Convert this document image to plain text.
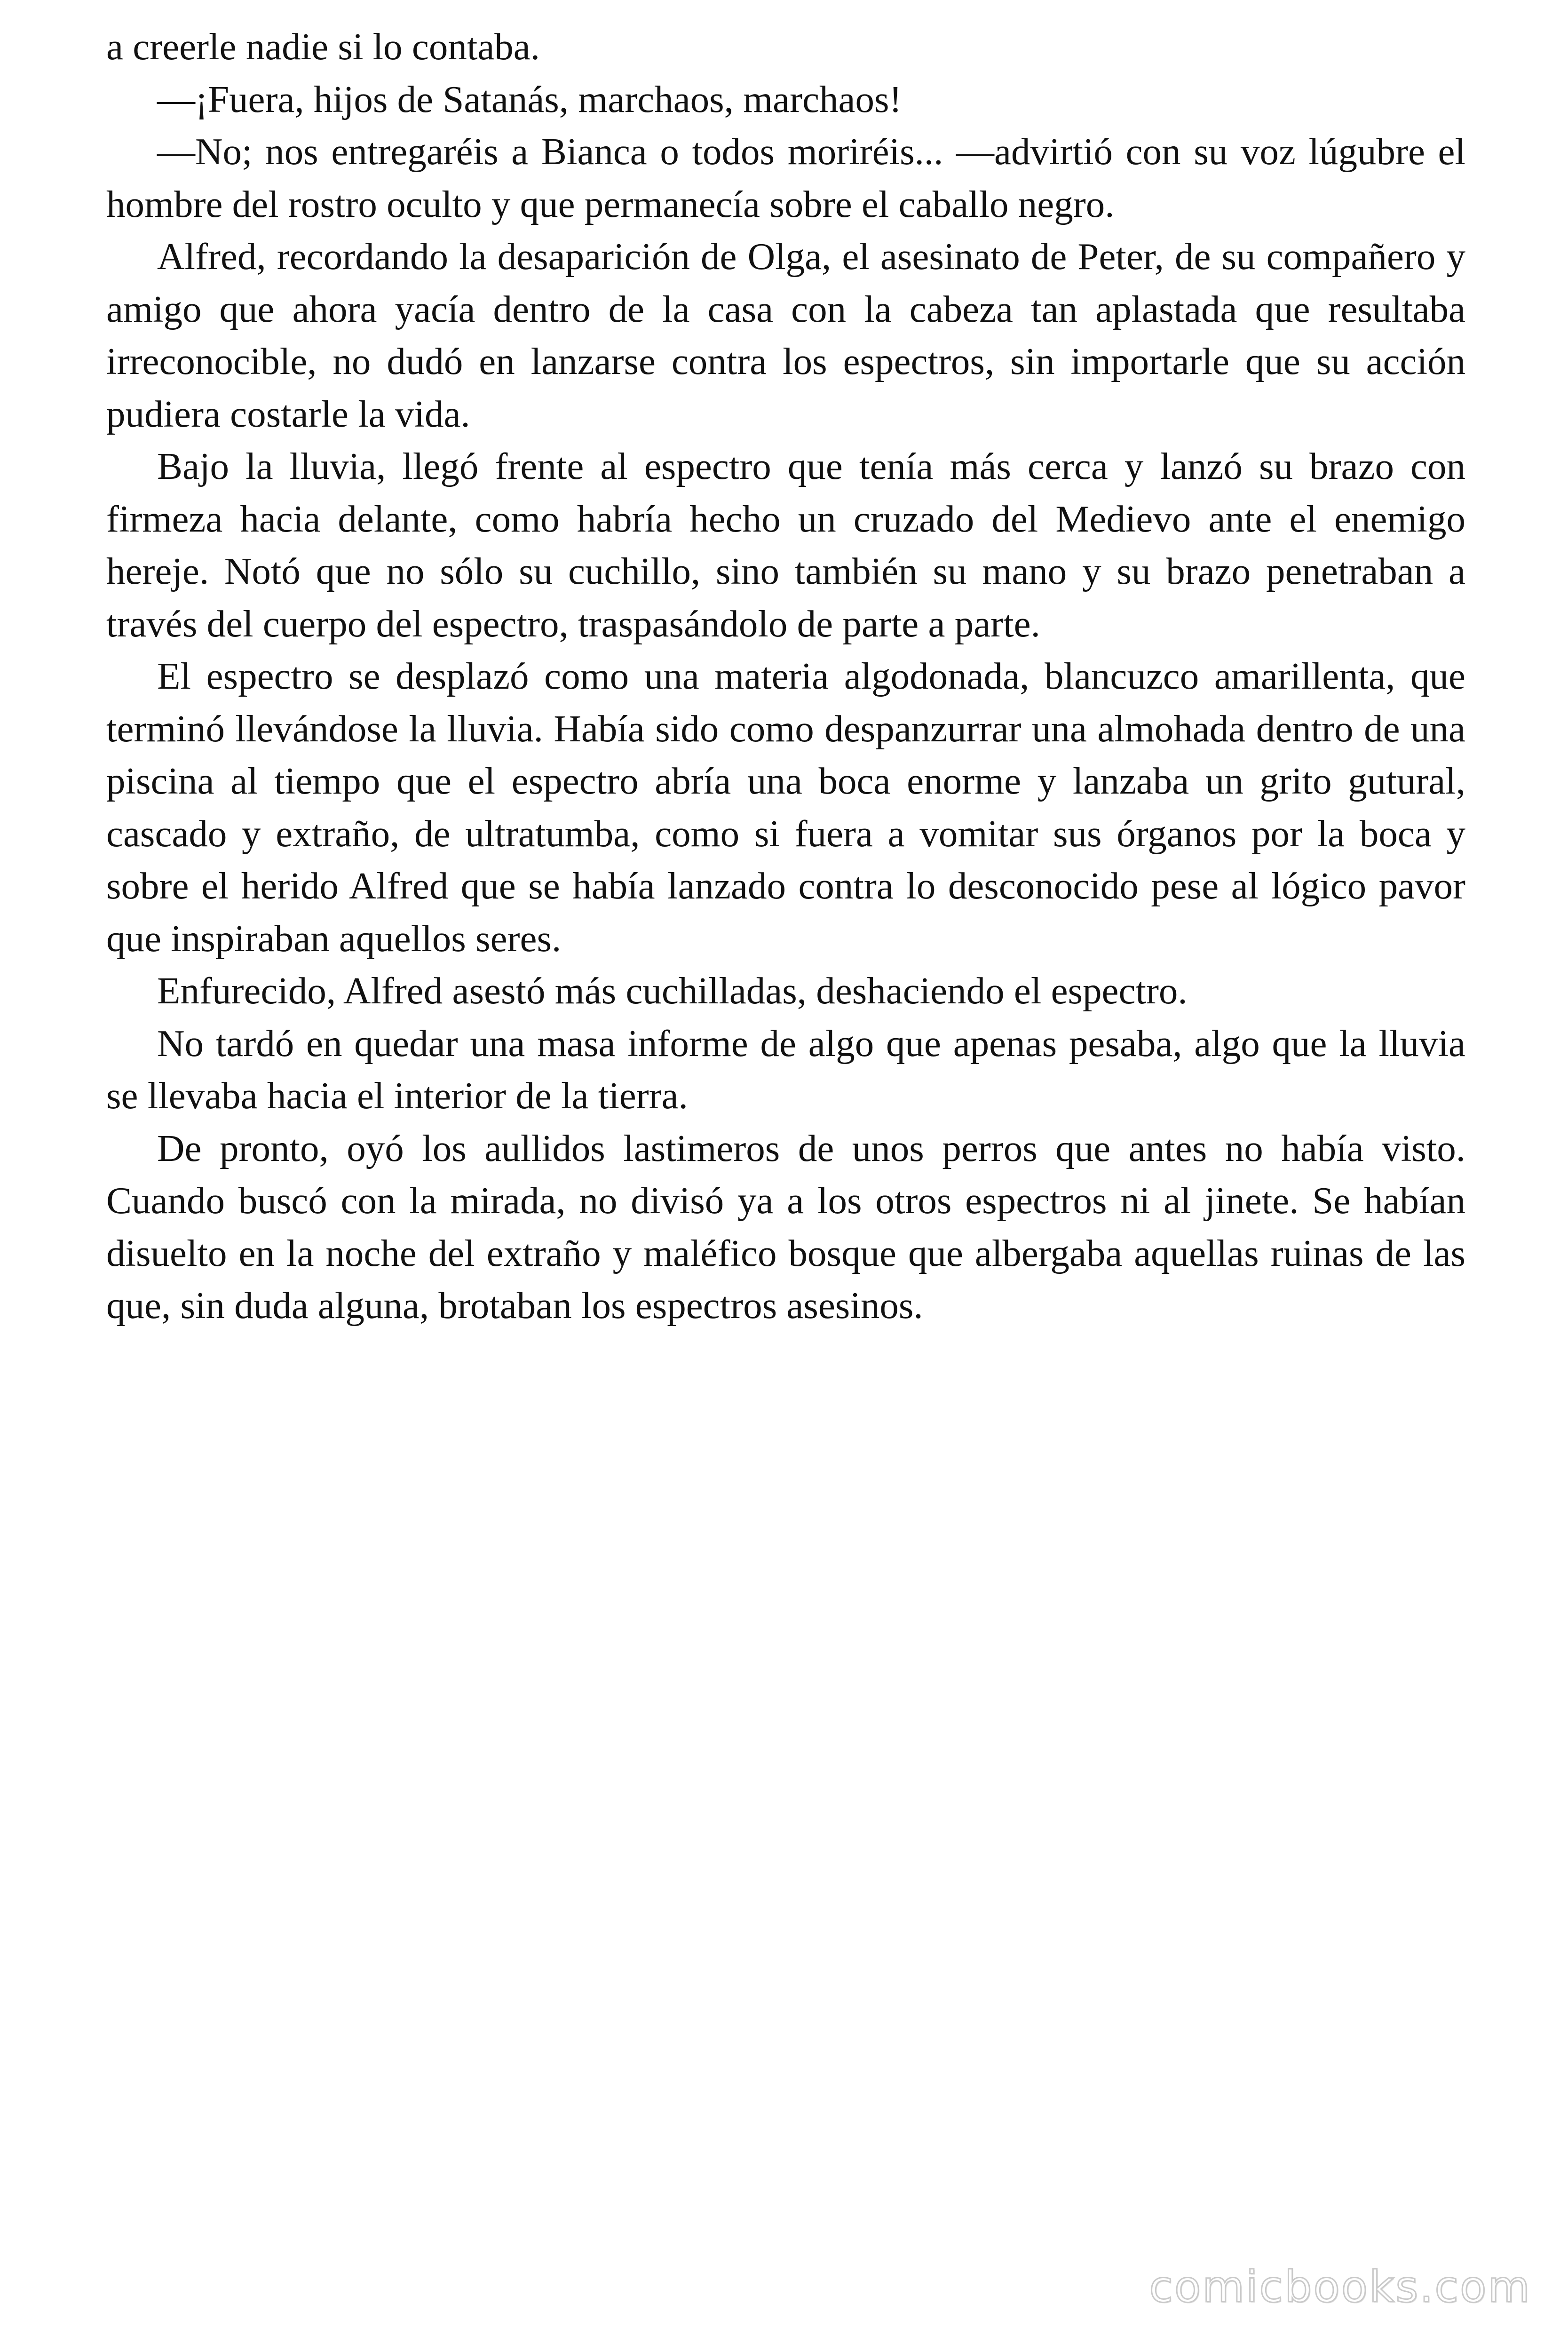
a creerle nadie si lo contaba.

—¡Fuera, hijos de Satanás, marchaos, marchaos!

—No; nos entregaréis a Bianca o todos moriréis... —advirtió con su voz lúgubre el hombre del rostro oculto y que permanecía sobre el caballo negro.

Alfred, recordando la desaparición de Olga, el asesinato de Peter, de su compañero y amigo que ahora yacía dentro de la casa con la cabeza tan aplastada que resultaba irreconocible, no dudó en lanzarse contra los espectros, sin importarle que su acción pudiera costarle la vida.

Bajo la lluvia, llegó frente al espectro que tenía más cerca y lanzó su brazo con firmeza hacia delante, como habría hecho un cruzado del Medievo ante el enemigo hereje. Notó que no sólo su cuchillo, sino también su mano y su brazo penetraban a través del cuerpo del espectro, traspasándolo de parte a parte.

El espectro se desplazó como una materia algodonada, blancuzco amarillenta, que terminó llevándose la lluvia. Había sido como despanzurrar una almohada dentro de una piscina al tiempo que el espectro abría una boca enorme y lanzaba un grito gutural, cascado y extraño, de ultratumba, como si fuera a vomitar sus órganos por la boca y sobre el herido Alfred que se había lanzado contra lo desconocido pese al lógico pavor que inspiraban aquellos seres.

Enfurecido, Alfred asestó más cuchilladas, deshaciendo el espectro.

No tardó en quedar una masa informe de algo que apenas pesaba, algo que la lluvia se llevaba hacia el interior de la tierra.

De pronto, oyó los aullidos lastimeros de unos perros que antes no había visto. Cuando buscó con la mirada, no divisó ya a los otros espectros ni al jinete. Se habían disuelto en la noche del extraño y maléfico bosque que albergaba aquellas ruinas de las que, sin duda alguna, brotaban los espectros asesinos.

comicbooks.com
